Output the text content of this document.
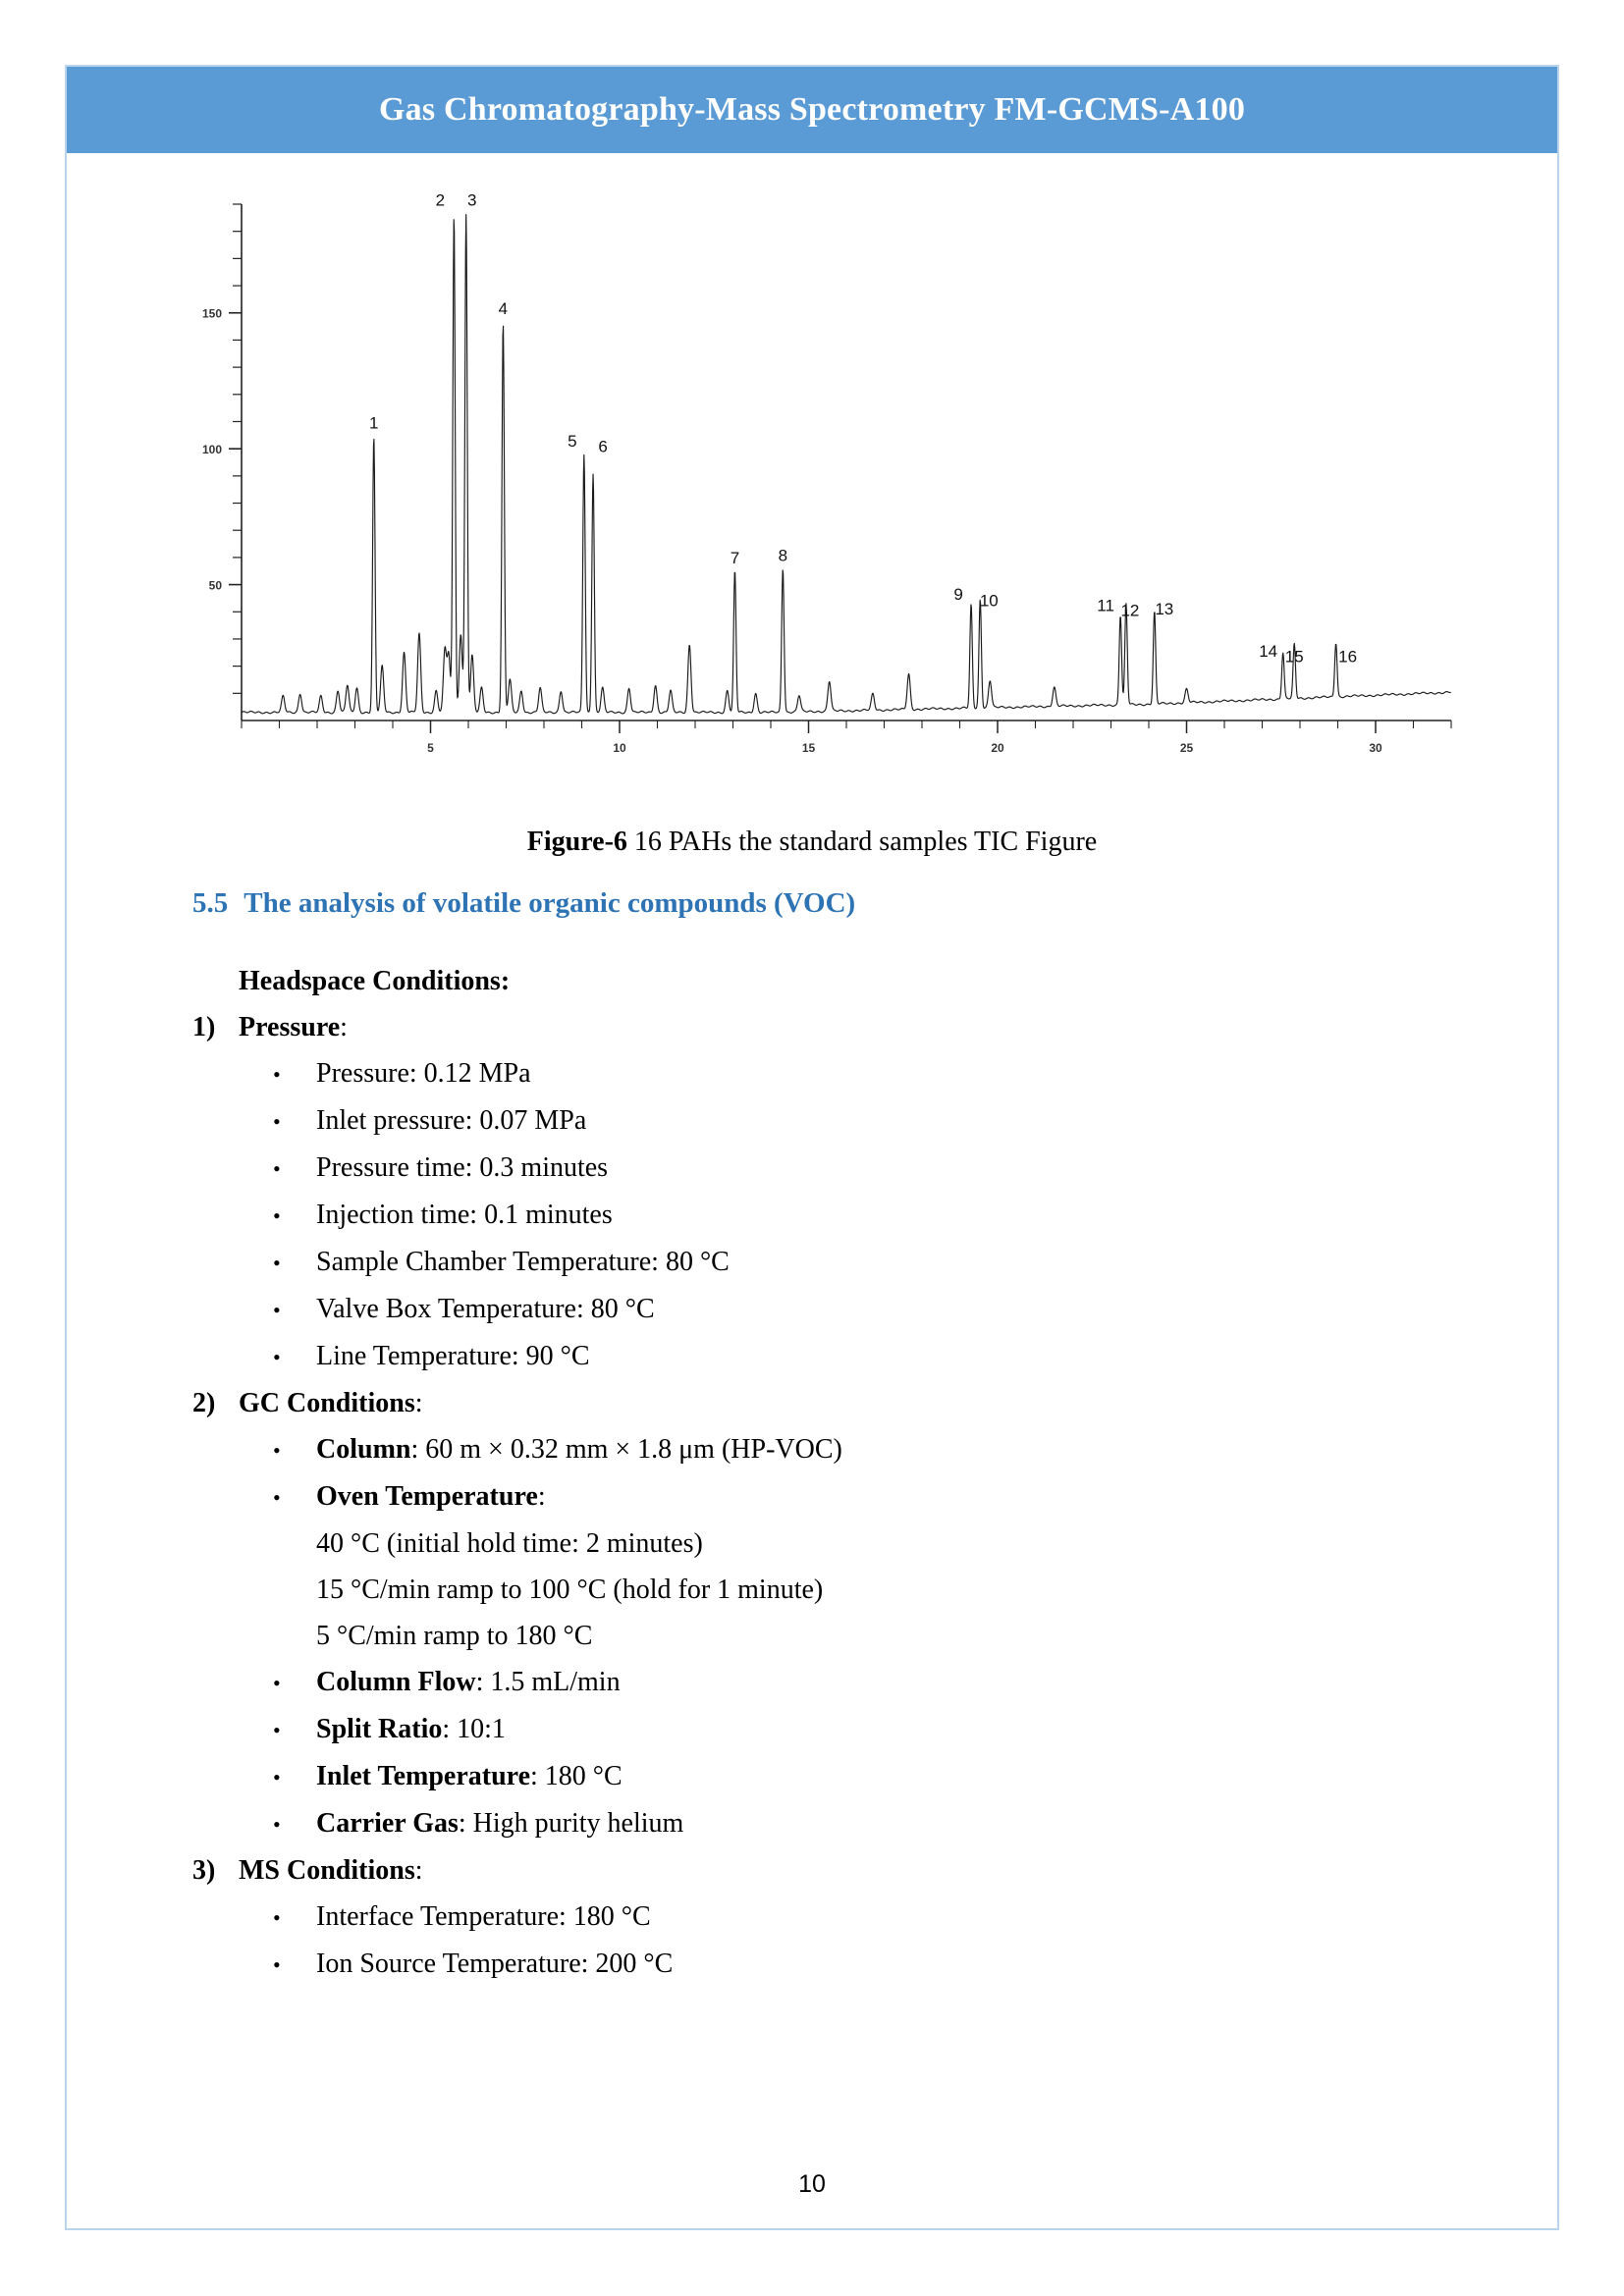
Gas Chromatography-Mass Spectrometry FM-GCMS-A100
50
100
150
5	10	15	20	25	30
1
2 3
4
5 6
7 8
9 10	11 12 13
14 15 16
Figure-6 16 PAHs the standard samples TIC Figure
5.5 The analysis of volatile organic compounds (VOC)
Headspace Conditions:
1) Pressure:
•	Pressure: 0.12 MPa
•	Inlet pressure: 0.07 MPa
•	Pressure time: 0.3 minutes
•	Injection time: 0.1 minutes
•	Sample Chamber Temperature: 80 °C
•	Valve Box Temperature: 80 °C
•	Line Temperature: 90 °C
2) GC Conditions:
•	Column: 60 m × 0.32 mm × 1.8 μm (HP-VOC)
•	Oven Temperature:
40 °C (initial hold time: 2 minutes)
15 °C/min ramp to 100 °C (hold for 1 minute)
5 °C/min ramp to 180 °C
•	Column Flow: 1.5 mL/min
•	Split Ratio: 10:1
•	Inlet Temperature: 180 °C
•	Carrier Gas: High purity helium
3) MS Conditions:
•	Interface Temperature: 180 °C
•	Ion Source Temperature: 200 °C
10
